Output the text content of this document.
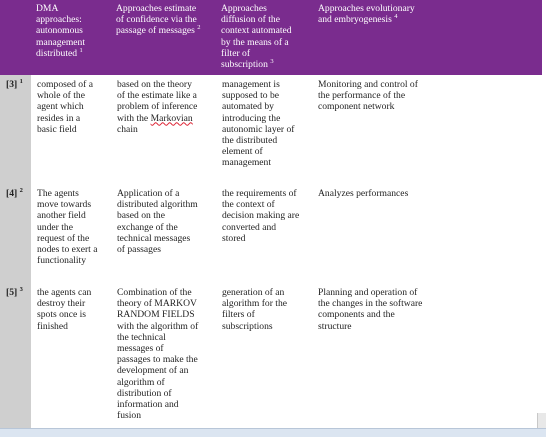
DMA
approaches:
autonomous
management
distributed $^1$
Approaches estimate
of confidence via the
passage of messages $^2$
Approaches
diffusion of the
context automated
by the means of a
filter of
subscription $^3$
Approaches evolutionary
and embryogenesis $^4$
[3] $^1$ composed of a
whole of the
agent which
resides in a
basic field
based on the theory
of the estimate like a
problem of inference
with the Markovian
chain
management is
supposed to be
automated by
introducing the
autonomic layer of
the distributed
element of
management
Monitoring and control of
the performance of the
component network
[4] $^2$ The agents
move towards
another field
under the
request of the
nodes to exert a
functionality
Application of a
distributed algorithm
based on the
exchange of the
technical messages
of passages
the requirements of
the context of
decision making are
converted and
stored
Analyzes performances
[5] $^3$ the agents can
destroy their
spots once is
finished
Combination of the
theory of MARKOV
RANDOM FIELDS
with the algorithm of
the technical
messages of
passages to make the
development of an
algorithm of
distribution of
information and
fusion
generation of an
algorithm for the
filters of
subscriptions
Planning and operation of
the changes in the software
components and the
structure
